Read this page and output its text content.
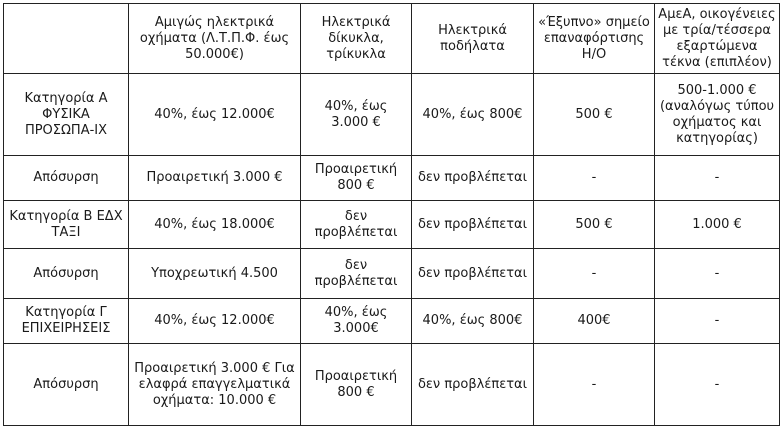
	Αμιγώς ηλεκτρικά οχήματα (Λ.Τ.Π.Φ. έως 50.000€)	Ηλεκτρικά δίκυκλα, τρίκυκλα	Ηλεκτρικά ποδήλατα	«Έξυπνο» σημείο επαναφόρτισης Η/Ο	ΑμεΑ, οικογένειες με τρία/τέσσερα εξαρτώμενα τέκνα (επιπλέον)
Κατηγορία Α ΦΥΣΙΚΑ ΠΡΟΣΩΠΑ-ΙΧ	40%, έως 12.000€	40%, έως 3.000 €	40%, έως 800€	500 €	500-1.000 € (αναλόγως τύπου οχήματος και κατηγορίας)
Απόσυρση	Προαιρετική 3.000 €	Προαιρετική 800 €	δεν προβλέπεται	-	-
Κατηγορία Β ΕΔΧ ΤΑΞΙ	40%, έως 18.000€	δεν προβλέπεται	δεν προβλέπεται	500 €	1.000 €
Απόσυρση	Υποχρεωτική 4.500	δεν προβλέπεται	δεν προβλέπεται	-	-
Κατηγορία Γ ΕΠΙΧΕΙΡΗΣΕΙΣ	40%, έως 12.000€	40%, έως 3.000€	40%, έως 800€	400€	-
Απόσυρση	Προαιρετική 3.000 € Για ελαφρά επαγγελματικά οχήματα: 10.000 €	Προαιρετική 800 €	δεν προβλέπεται	-	-
